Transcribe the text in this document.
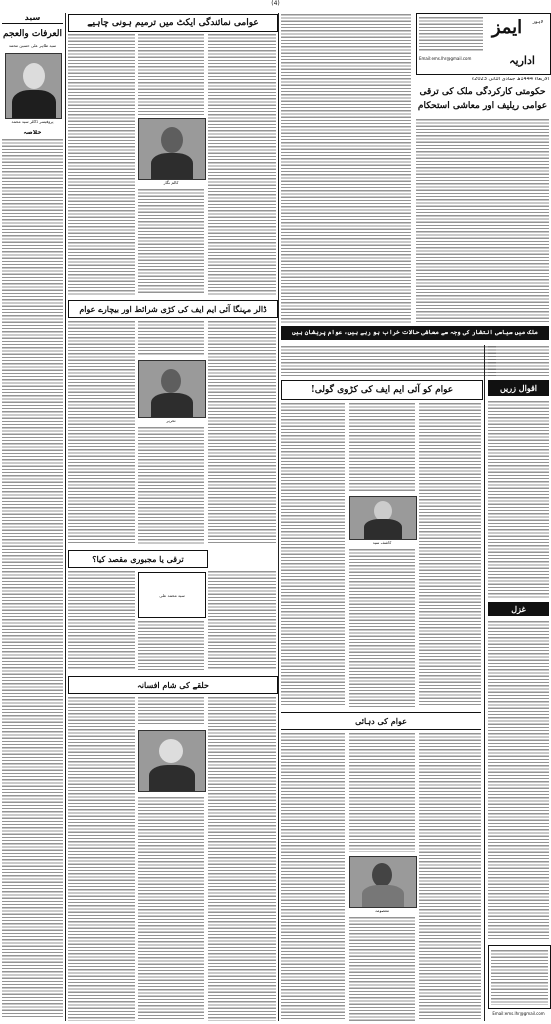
(4)
سید
العرفات والعجم
سید طاہر علی حسین محمد
پروفیسر ڈاکٹر سید محمد
خلاصہ
عوامی نمائندگی ایکٹ میں ترمیم ہونی چاہیے
کالم نگار
ڈالر مہنگا آئی ایم ایف کی کڑی شرائط اور بیچارے عوام
تحریر
ترقی یا مجبوری مقصد کیا؟
سید محمد علی
حلقے کی شام افسانہ
ایمز	لاہور
Email:ems.lhr@gmail.com	اداریہ
الاربعاء 1444ھ جمادی الثانی 2023ء
حکومتی کارکردگی ملک کی ترقی
عوامی ریلیف اور معاشی استحکام
ملک میں سیاسی انتشار کی وجہ سے معاشی حالات خراب ہو رہے ہیں، عوام پریشان ہیں
عوام کو آئی ایم ایف کی کڑوی گولی!
کاشف سید
عوام کی دہائی
معصومہ
اقوال زریں
غزل
Email:ems.lhr@gmail.com
